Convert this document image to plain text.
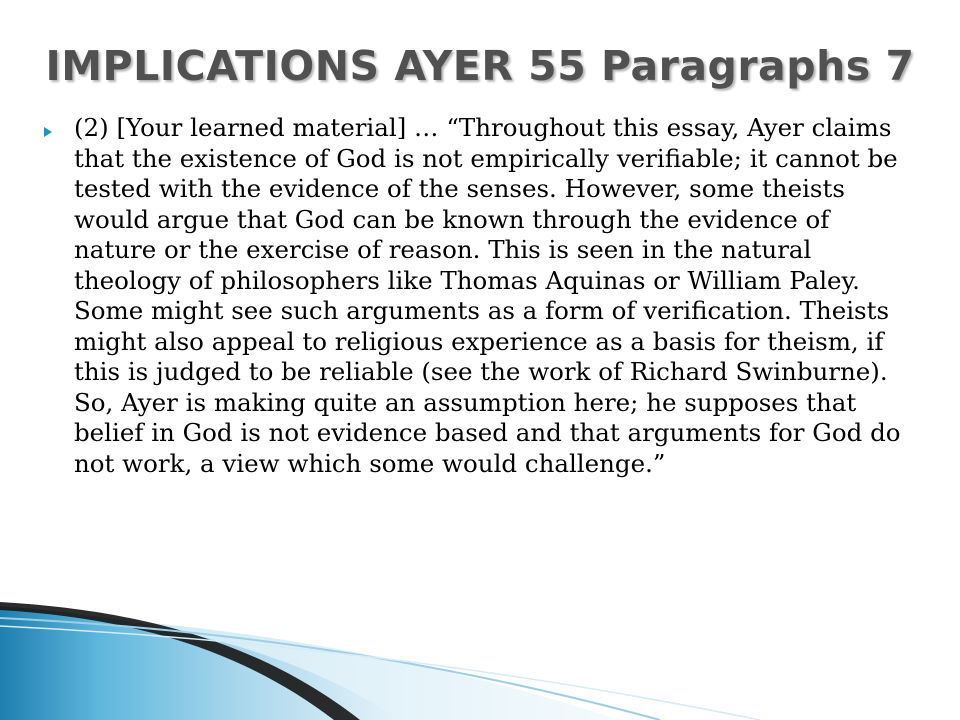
IMPLICATIONS AYER 55 Paragraphs 7

(2) [Your learned material] … “Throughout this essay, Ayer claims that the existence of God is not empirically verifiable; it cannot be tested with the evidence of the senses. However, some theists would argue that God can be known through the evidence of nature or the exercise of reason. This is seen in the natural theology of philosophers like Thomas Aquinas or William Paley. Some might see such arguments as a form of verification. Theists might also appeal to religious experience as a basis for theism, if this is judged to be reliable (see the work of Richard Swinburne). So, Ayer is making quite an assumption here; he supposes that belief in God is not evidence based and that arguments for God do not work, a view which some would challenge.”
